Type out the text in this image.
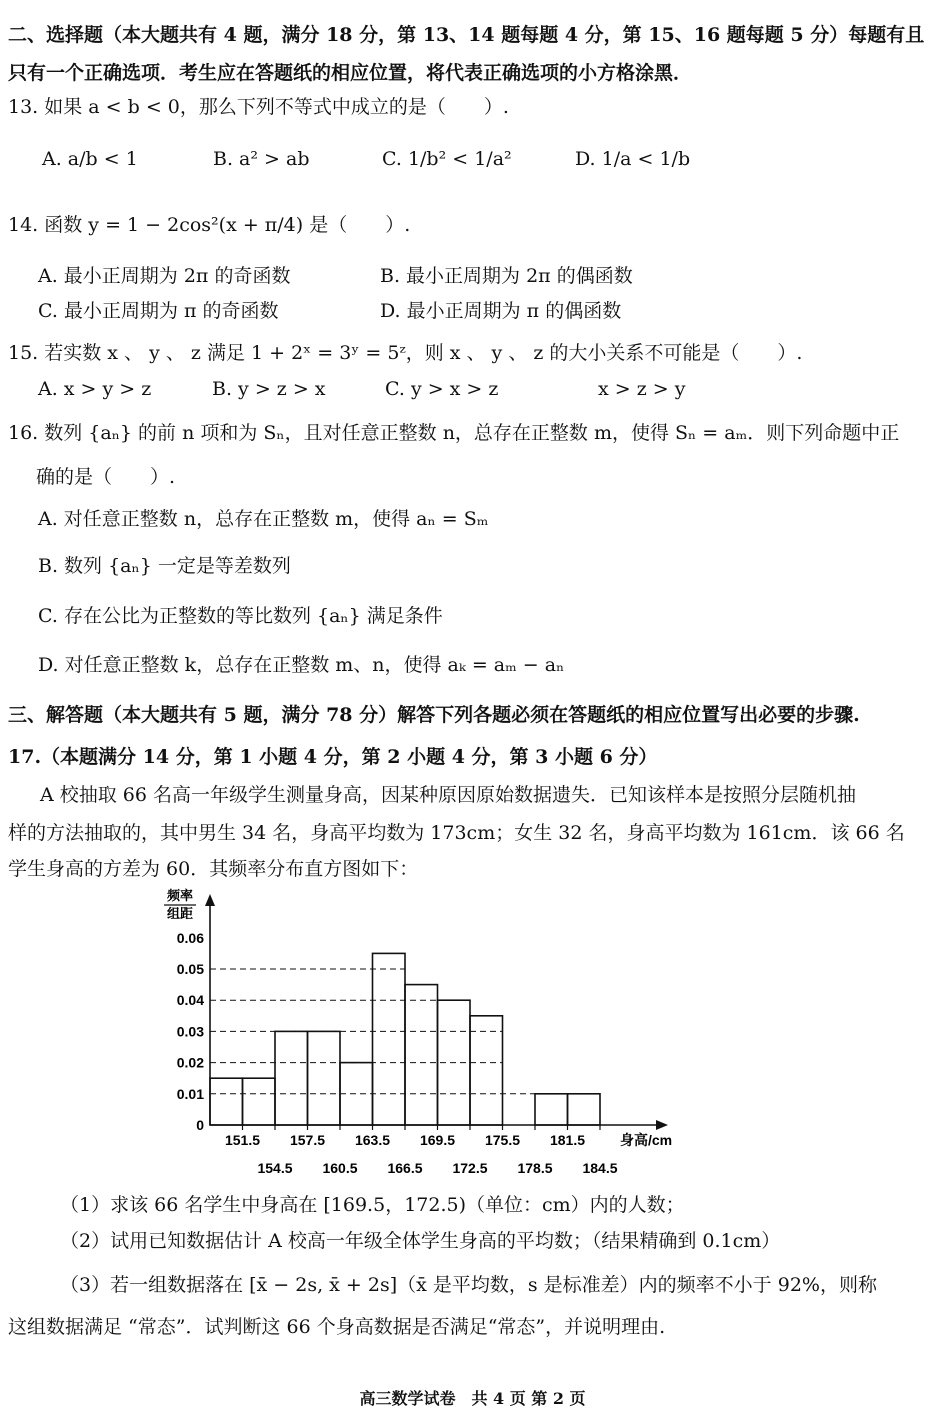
二、选择题（本大题共有 4 题，满分 18 分，第 13、14 题每题 4 分，第 15、16 题每题 5 分）每题有且
只有一个正确选项．考生应在答题纸的相应位置，将代表正确选项的小方格涂黑．
13. 如果 a < b < 0，那么下列不等式中成立的是（　　）.
A. a/b < 1	B. a² > ab	C. 1/b² < 1/a²	D. 1/a < 1/b
14. 函数 y = 1 − 2cos²(x + π/4) 是（　　）.
A. 最小正周期为 2π 的奇函数	B. 最小正周期为 2π 的偶函数
C. 最小正周期为 π 的奇函数	D. 最小正周期为 π 的偶函数
15. 若实数 x 、 y 、 z 满足 1 + 2ˣ = 3ʸ = 5ᶻ，则 x 、 y 、 z 的大小关系不可能是（　　）.
A. x > y > z	B. y > z > x	C. y > x > z	x > z > y
16. 数列 {aₙ} 的前 n 项和为 Sₙ，且对任意正整数 n，总存在正整数 m，使得 Sₙ = aₘ．则下列命题中正
确的是（　　）.
A. 对任意正整数 n，总存在正整数 m，使得 aₙ = Sₘ
B. 数列 {aₙ} 一定是等差数列
C. 存在公比为正整数的等比数列 {aₙ} 满足条件
D. 对任意正整数 k，总存在正整数 m、n，使得 aₖ = aₘ − aₙ
三、解答题（本大题共有 5 题，满分 78 分）解答下列各题必须在答题纸的相应位置写出必要的步骤.
17.（本题满分 14 分，第 1 小题 4 分，第 2 小题 4 分，第 3 小题 6 分）
A 校抽取 66 名高一年级学生测量身高，因某种原因原始数据遗失．已知该样本是按照分层随机抽
样的方法抽取的，其中男生 34 名，身高平均数为 173cm；女生 32 名，身高平均数为 161cm．该 66 名
学生身高的方差为 60．其频率分布直方图如下：
0
0.01
0.02
0.03
0.04
0.05
0.06
151.5 157.5 163.5 169.5 175.5 181.5
154.5 160.5 166.5 172.5 178.5 184.5
频率
组距
身高/cm
（1）求该 66 名学生中身高在 [169.5，172.5)（单位：cm）内的人数；
（2）试用已知数据估计 A 校高一年级全体学生身高的平均数；（结果精确到 0.1cm）
（3）若一组数据落在 [x̄ − 2s, x̄ + 2s]（x̄ 是平均数，s 是标准差）内的频率不小于 92%，则称
这组数据满足 “常态”．试判断这 66 个身高数据是否满足“常态”，并说明理由.
高三数学试卷　共 4 页 第 2 页
